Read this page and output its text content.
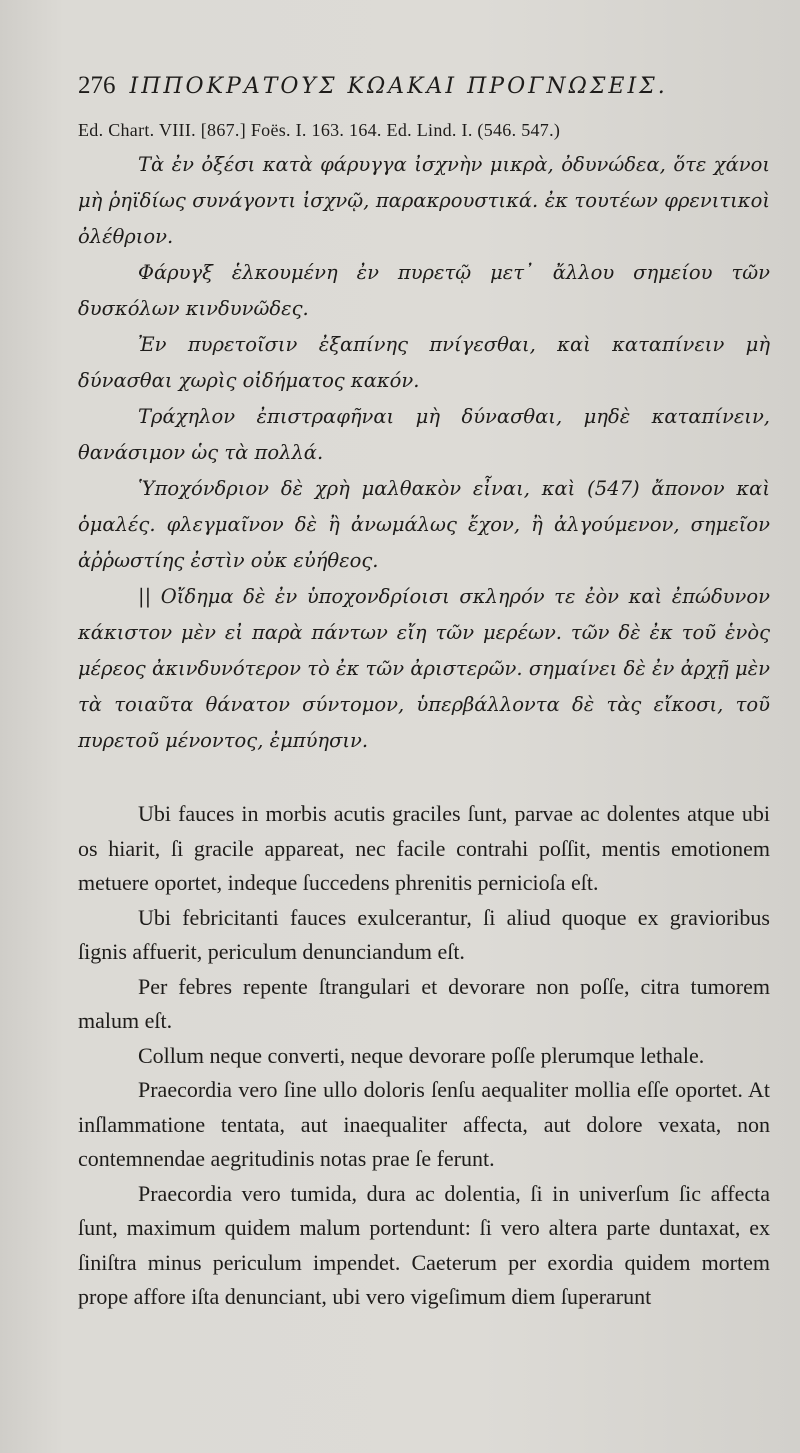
276 ΙΠΠΟΚΡΑΤΟΥΣ ΚΩΑΚΑΙ ΠΡΟΓΝΩΣΕΙΣ.
Ed. Chart. VIII. [867.] Foës. I. 163. 164. Ed. Lind. I. (546. 547.)

Τὰ ἐν ὀξέσι κατὰ φάρυγγα ἰσχνὴν μικρὰ, ὀδυνώδεα, ὅτε χάνοι μὴ ῥηϊδίως συνάγοντι ἰσχνῷ, παρακρουστικά. ἐκ τουτέων φρενιτικοὶ ὀλέθριον.

Φάρυγξ ἑλκουμένη ἐν πυρετῷ μετ᾽ ἄλλου σημείου τῶν δυσκόλων κινδυνῶδες.

Ἐν πυρετοῖσιν ἐξαπίνης πνίγεσθαι, καὶ καταπίνειν μὴ δύνασθαι χωρὶς οἰδήματος κακόν.

Τράχηλον ἐπιστραφῆναι μὴ δύνασθαι, μηδὲ καταπίνειν, θανάσιμον ὡς τὰ πολλά.

Ὑποχόνδριον δὲ χρὴ μαλθακὸν εἶναι, καὶ (547) ἄπονον καὶ ὁμαλές. φλεγμαῖνον δὲ ἢ ἀνωμάλως ἔχον, ἢ ἀλγούμενον, σημεῖον ἀῤῥωστίης ἐστὶν οὐκ εὐήθεος.

|| Οἴδημα δὲ ἐν ὑποχονδρίοισι σκληρόν τε ἐὸν καὶ ἐπώδυνον κάκιστον μὲν εἰ παρὰ πάντων εἴη τῶν μερέων. τῶν δὲ ἐκ τοῦ ἑνὸς μέρεος ἀκινδυνότερον τὸ ἐκ τῶν ἀριστερῶν. σημαίνει δὲ ἐν ἀρχῇ μὲν τὰ τοιαῦτα θάνατον σύντομον, ὑπερβάλλοντα δὲ τὰς εἴκοσι, τοῦ πυρετοῦ μένοντος, ἐμπύησιν.

Ubi fauces in morbis acutis graciles ſunt, parvae ac dolentes atque ubi os hiarit, ſi gracile appareat, nec facile contrahi poſſit, mentis emotionem metuere oportet, indeque ſuccedens phrenitis pernicioſa eſt.

Ubi febricitanti fauces exulcerantur, ſi aliud quoque ex gravioribus ſignis affuerit, periculum denunciandum eſt.

Per febres repente ſtrangulari et devorare non poſſe, citra tumorem malum eſt.

Collum neque converti, neque devorare poſſe plerumque lethale.

Praecordia vero ſine ullo doloris ſenſu aequaliter mollia eſſe oportet. At inſlammatione tentata, aut inaequaliter affecta, aut dolore vexata, non contemnendae aegritudinis notas prae ſe ferunt.

Praecordia vero tumida, dura ac dolentia, ſi in univerſum ſic affecta ſunt, maximum quidem malum portendunt: ſi vero altera parte duntaxat, ex ſiniſtra minus periculum impendet. Caeterum per exordia quidem mortem prope affore iſta denunciant, ubi vero vigeſimum diem ſuperarunt
